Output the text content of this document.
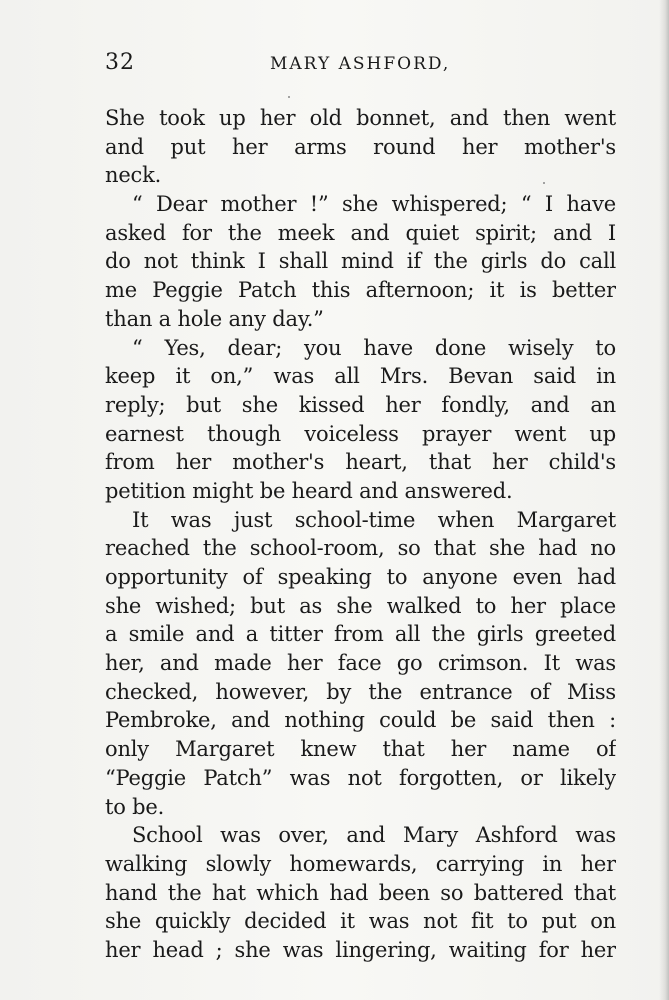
32	MARY ASHFORD,
She took up her old bonnet, and then went
and put her arms round her mother's
neck.
“ Dear mother !” she whispered; “ I have
asked for the meek and quiet spirit; and I
do not think I shall mind if the girls do call
me Peggie Patch this afternoon; it is better
than a hole any day.”
“ Yes, dear; you have done wisely to
keep it on,” was all Mrs. Bevan said in
reply; but she kissed her fondly, and an
earnest though voiceless prayer went up
from her mother's heart, that her child's
petition might be heard and answered.
It was just school-time when Margaret
reached the school-room, so that she had no
opportunity of speaking to anyone even had
she wished; but as she walked to her place
a smile and a titter from all the girls greeted
her, and made her face go crimson. It was
checked, however, by the entrance of Miss
Pembroke, and nothing could be said then :
only Margaret knew that her name of
“Peggie Patch” was not forgotten, or likely
to be.
School was over, and Mary Ashford was
walking slowly homewards, carrying in her
hand the hat which had been so battered that
she quickly decided it was not fit to put on
her head ; she was lingering, waiting for her
